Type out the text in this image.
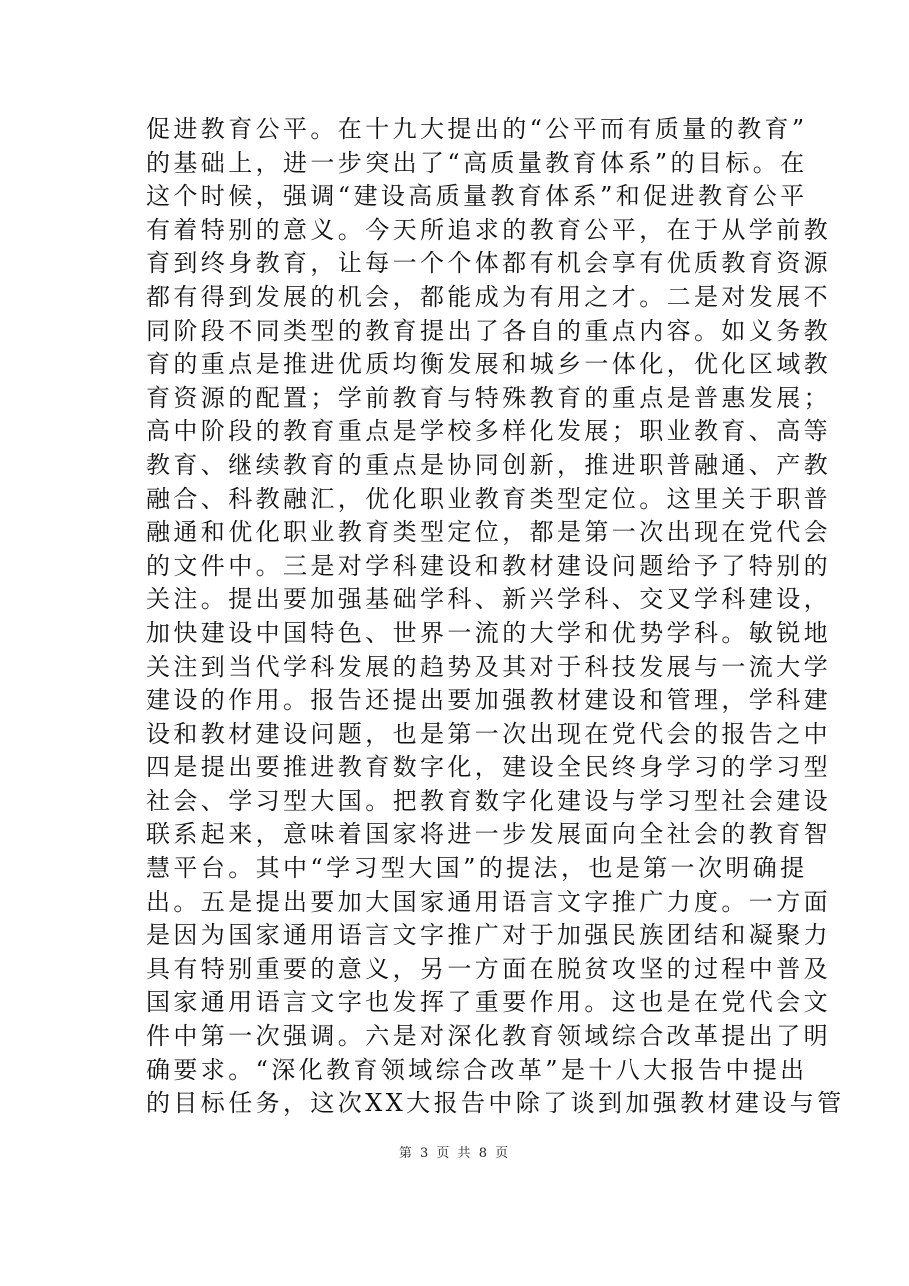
促进教育公平。在十九大提出的“公平而有质量的教育”
的基础上，进一步突出了“高质量教育体系”的目标。在
这个时候，强调“建设高质量教育体系”和促进教育公平
有着特别的意义。今天所追求的教育公平，在于从学前教
育到终身教育，让每一个个体都有机会享有优质教育资源
都有得到发展的机会，都能成为有用之才。二是对发展不
同阶段不同类型的教育提出了各自的重点内容。如义务教
育的重点是推进优质均衡发展和城乡一体化，优化区域教
育资源的配置；学前教育与特殊教育的重点是普惠发展；
高中阶段的教育重点是学校多样化发展；职业教育、高等
教育、继续教育的重点是协同创新，推进职普融通、产教
融合、科教融汇，优化职业教育类型定位。这里关于职普
融通和优化职业教育类型定位，都是第一次出现在党代会
的文件中。三是对学科建设和教材建设问题给予了特别的
关注。提出要加强基础学科、新兴学科、交叉学科建设，
加快建设中国特色、世界一流的大学和优势学科。敏锐地
关注到当代学科发展的趋势及其对于科技发展与一流大学
建设的作用。报告还提出要加强教材建设和管理，学科建
设和教材建设问题，也是第一次出现在党代会的报告之中
四是提出要推进教育数字化，建设全民终身学习的学习型
社会、学习型大国。把教育数字化建设与学习型社会建设
联系起来，意味着国家将进一步发展面向全社会的教育智
慧平台。其中“学习型大国”的提法，也是第一次明确提
出。五是提出要加大国家通用语言文字推广力度。一方面
是因为国家通用语言文字推广对于加强民族团结和凝聚力
具有特别重要的意义，另一方面在脱贫攻坚的过程中普及
国家通用语言文字也发挥了重要作用。这也是在党代会文
件中第一次强调。六是对深化教育领域综合改革提出了明
确要求。“深化教育领域综合改革”是十八大报告中提出
的目标任务，这次XX大报告中除了谈到加强教材建设与管
第 3 页 共 8 页
